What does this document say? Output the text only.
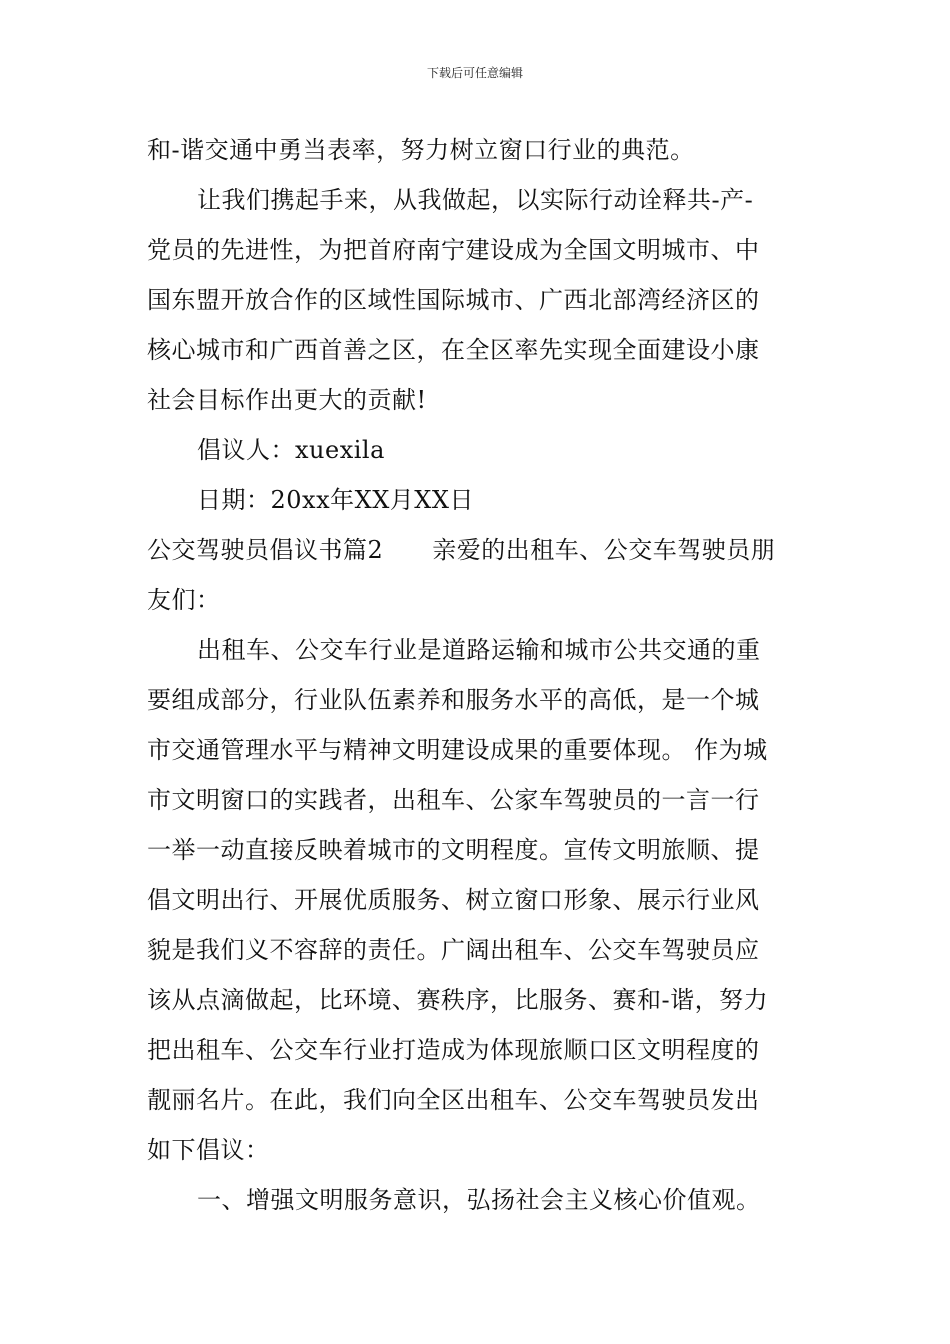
下载后可任意编辑
和-谐交通中勇当表率，努力树立窗口行业的典范。
让我们携起手来，从我做起，以实际行动诠释共-产-
党员的先进性，为把首府南宁建设成为全国文明城市、中
国东盟开放合作的区域性国际城市、广西北部湾经济区的
核心城市和广西首善之区，在全区率先实现全面建设小康
社会目标作出更大的贡献!
倡议人：xuexila
日期：20xx年XX月XX日
公交驾驶员倡议书篇2　　亲爱的出租车、公交车驾驶员朋
友们：
出租车、公交车行业是道路运输和城市公共交通的重
要组成部分，行业队伍素养和服务水平的高低，是一个城
市交通管理水平与精神文明建设成果的重要体现。 作为城
市文明窗口的实践者，出租车、公家车驾驶员的一言一行
一举一动直接反映着城市的文明程度。宣传文明旅顺、提
倡文明出行、开展优质服务、树立窗口形象、展示行业风
貌是我们义不容辞的责任。广阔出租车、公交车驾驶员应
该从点滴做起，比环境、赛秩序，比服务、赛和-谐，努力
把出租车、公交车行业打造成为体现旅顺口区文明程度的
靓丽名片。在此，我们向全区出租车、公交车驾驶员发出
如下倡议：
一、增强文明服务意识，弘扬社会主义核心价值观。
